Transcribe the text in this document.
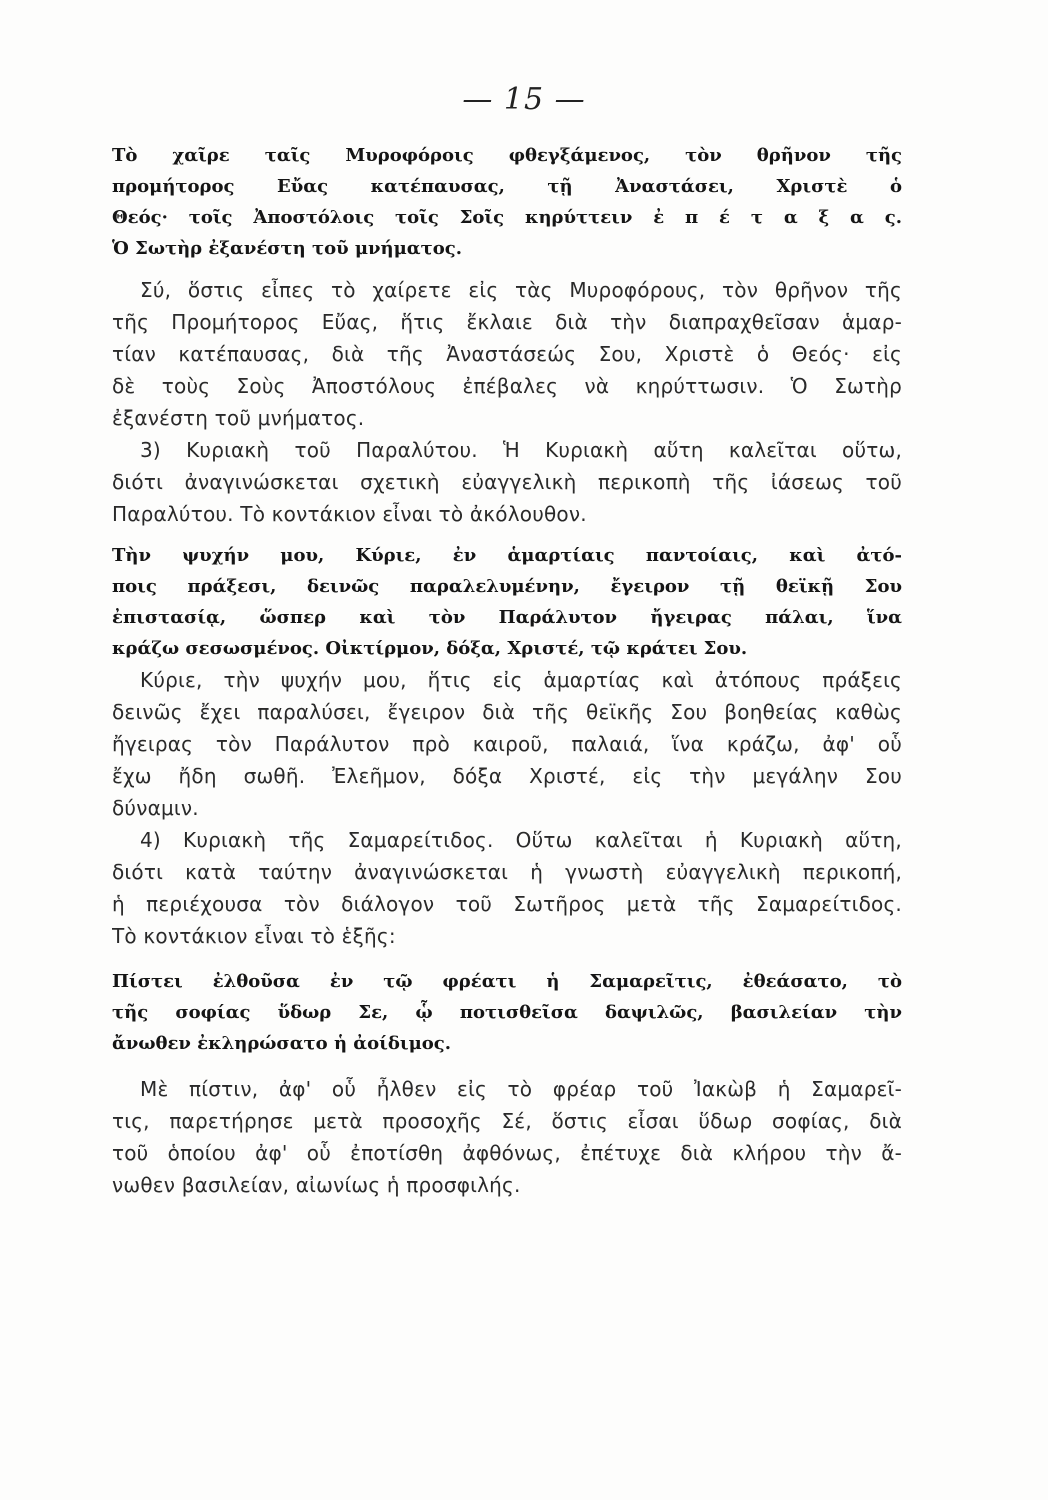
— 15 —
Τὸ χαῖρε ταῖς Μυροφόροις φθεγξάμενος, τὸν θρῆνον τῆς
προμήτορος Εὔας κατέπαυσας, τῇ Ἀναστάσει, Χριστὲ ὁ
Θεός· τοῖς Ἀποστόλοις τοῖς Σοῖς κηρύττειν ἐ π έ τ α ξ α ς.
Ὁ Σωτὴρ ἐξανέστη τοῦ μνήματος.
Σύ, ὅστις εἶπες τὸ χαίρετε εἰς τὰς Μυροφόρους, τὸν θρῆνον τῆς
τῆς Προμήτορος Εὔας, ἥτις ἔκλαιε διὰ τὴν διαπραχθεῖσαν ἁμαρ-
τίαν κατέπαυσας, διὰ τῆς Ἀναστάσεώς Σου, Χριστὲ ὁ Θεός· εἰς
δὲ τοὺς Σοὺς Ἀποστόλους ἐπέβαλες νὰ κηρύττωσιν. Ὁ Σωτὴρ
ἐξανέστη τοῦ μνήματος.
3) Κυριακὴ τοῦ Παραλύτου. Ἡ Κυριακὴ αὕτη καλεῖται οὕτω,
διότι ἀναγινώσκεται σχετικὴ εὐαγγελικὴ περικοπὴ τῆς ἰάσεως τοῦ
Παραλύτου. Τὸ κοντάκιον εἶναι τὸ ἀκόλουθον.
Τὴν ψυχήν μου, Κύριε, ἐν ἁμαρτίαις παντοίαις, καὶ ἀτό-
ποις πράξεσι, δεινῶς παραλελυμένην, ἔγειρον τῇ θεϊκῇ Σου
ἐπιστασίᾳ, ὥσπερ καὶ τὸν Παράλυτον ἤγειρας πάλαι, ἵνα
κράζω σεσωσμένος. Οἰκτίρμον, δόξα, Χριστέ, τῷ κράτει Σου.
Κύριε, τὴν ψυχήν μου, ἥτις εἰς ἁμαρτίας καὶ ἀτόπους πράξεις
δεινῶς ἔχει παραλύσει, ἔγειρον διὰ τῆς θεϊκῆς Σου βοηθείας καθὼς
ἤγειρας τὸν Παράλυτον πρὸ καιροῦ, παλαιά, ἵνα κράζω, ἀφ' οὗ
ἔχω ἤδη σωθῆ. Ἐλεῆμον, δόξα Χριστέ, εἰς τὴν μεγάλην Σου
δύναμιν.
4) Κυριακὴ τῆς Σαμαρείτιδος. Οὕτω καλεῖται ἡ Κυριακὴ αὕτη,
διότι κατὰ ταύτην ἀναγινώσκεται ἡ γνωστὴ εὐαγγελικὴ περικοπή,
ἡ περιέχουσα τὸν διάλογον τοῦ Σωτῆρος μετὰ τῆς Σαμαρείτιδος.
Τὸ κοντάκιον εἶναι τὸ ἑξῆς:
Πίστει ἐλθοῦσα ἐν τῷ φρέατι ἡ Σαμαρεῖτις, ἐθεάσατο, τὸ
τῆς σοφίας ὕδωρ Σε, ᾧ ποτισθεῖσα δαψιλῶς, βασιλείαν τὴν
ἄνωθεν ἐκληρώσατο ἡ ἀοίδιμος.
Μὲ πίστιν, ἀφ' οὗ ἦλθεν εἰς τὸ φρέαρ τοῦ Ἰακὼβ ἡ Σαμαρεῖ-
τις, παρετήρησε μετὰ προσοχῆς Σέ, ὅστις εἶσαι ὕδωρ σοφίας, διὰ
τοῦ ὁποίου ἀφ' οὗ ἐποτίσθη ἀφθόνως, ἐπέτυχε διὰ κλήρου τὴν ἄ-
νωθεν βασιλείαν, αἰωνίως ἡ προσφιλής.
